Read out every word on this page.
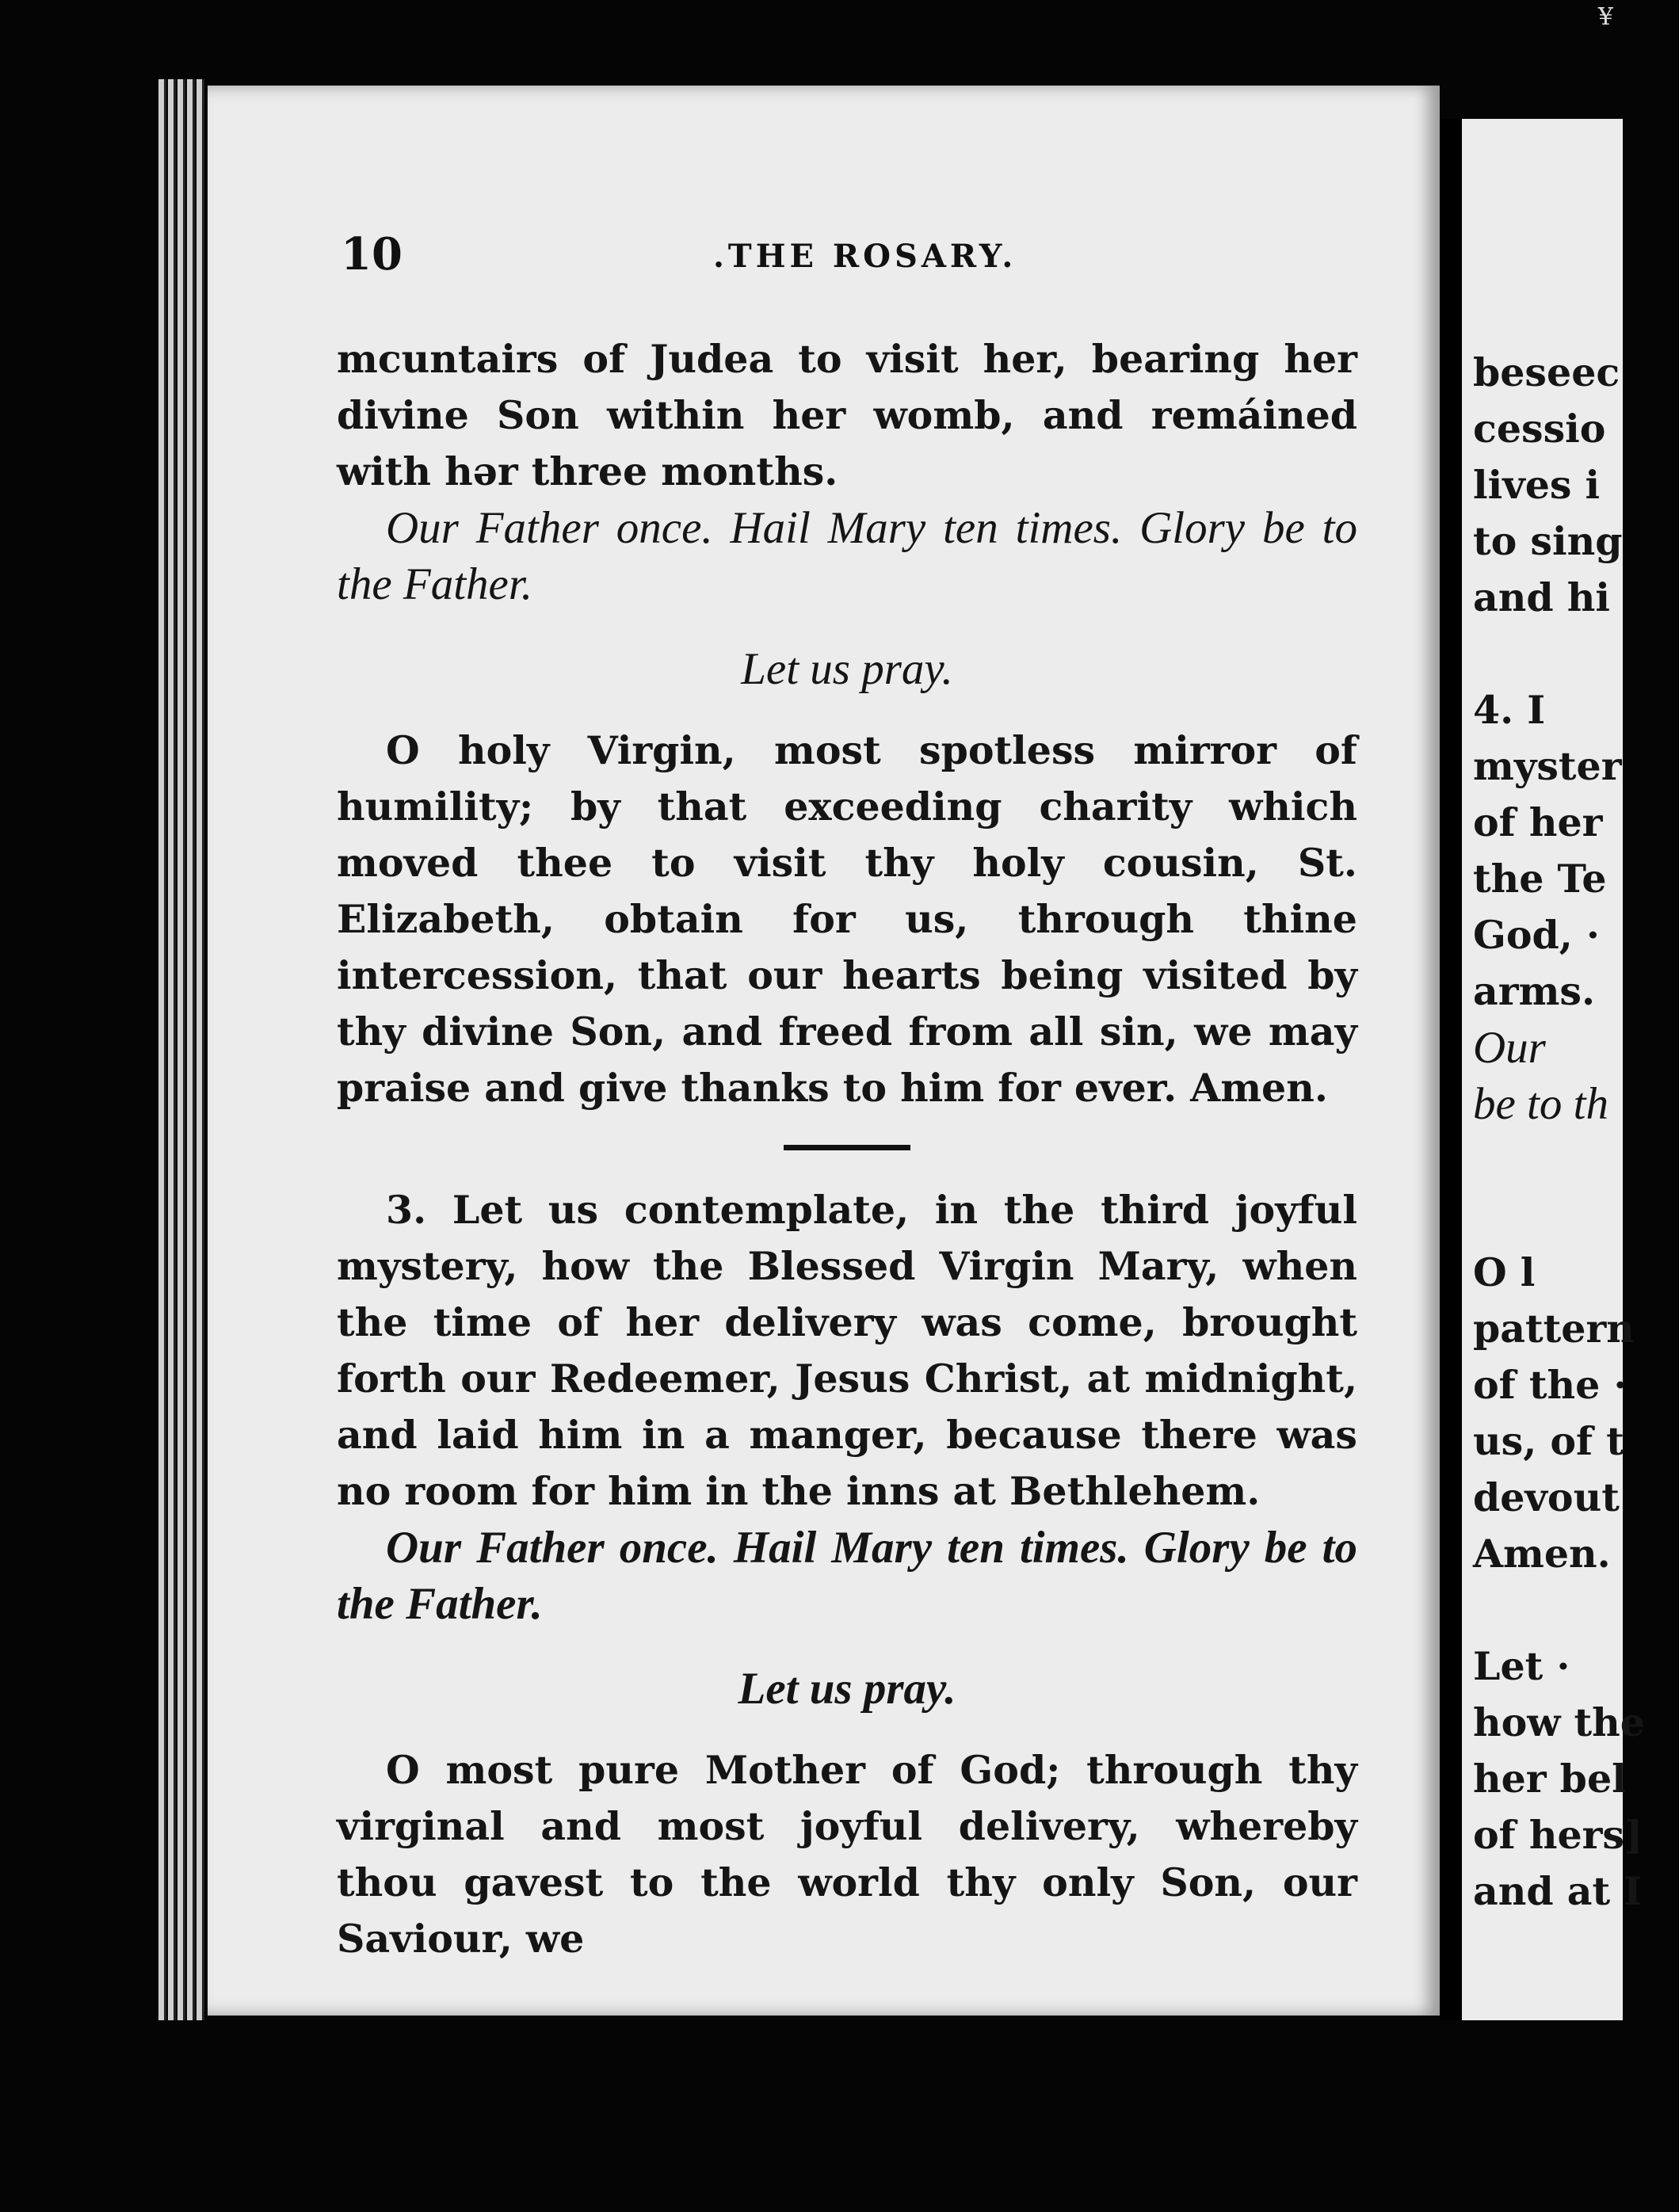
beseec
cessio
lives i
to sing
and hi
4. I
myster
of her
the Te
God, ·
arms.
Our
be to th
O l
pattern
of the ·
us, of t
devout
Amen.
Let ·
how the
her bel
of hers]
and at I
¥
10	.THE ROSARY.

mcuntairs of Judea to visit her, bearing her divine Son within her womb, and remáined with hər three months.

Our Father once. Hail Mary ten times. Glory be to the Father.

Let us pray.

O holy Virgin, most spotless mirror of humility; by that exceeding charity which moved thee to visit thy holy cousin, St. Elizabeth, obtain for us, through thine intercession, that our hearts being visited by thy divine Son, and freed from all sin, we may praise and give thanks to him for ever. Amen.

3. Let us contemplate, in the third joyful mystery, how the Blessed Virgin Mary, when the time of her delivery was come, brought forth our Redeemer, Jesus Christ, at midnight, and laid him in a manger, because there was no room for him in the inns at Bethlehem.

Our Father once. Hail Mary ten times. Glory be to the Father.

Let us pray.

O most pure Mother of God; through thy virginal and most joyful delivery, whereby thou gavest to the world thy only Son, our Saviour, we
